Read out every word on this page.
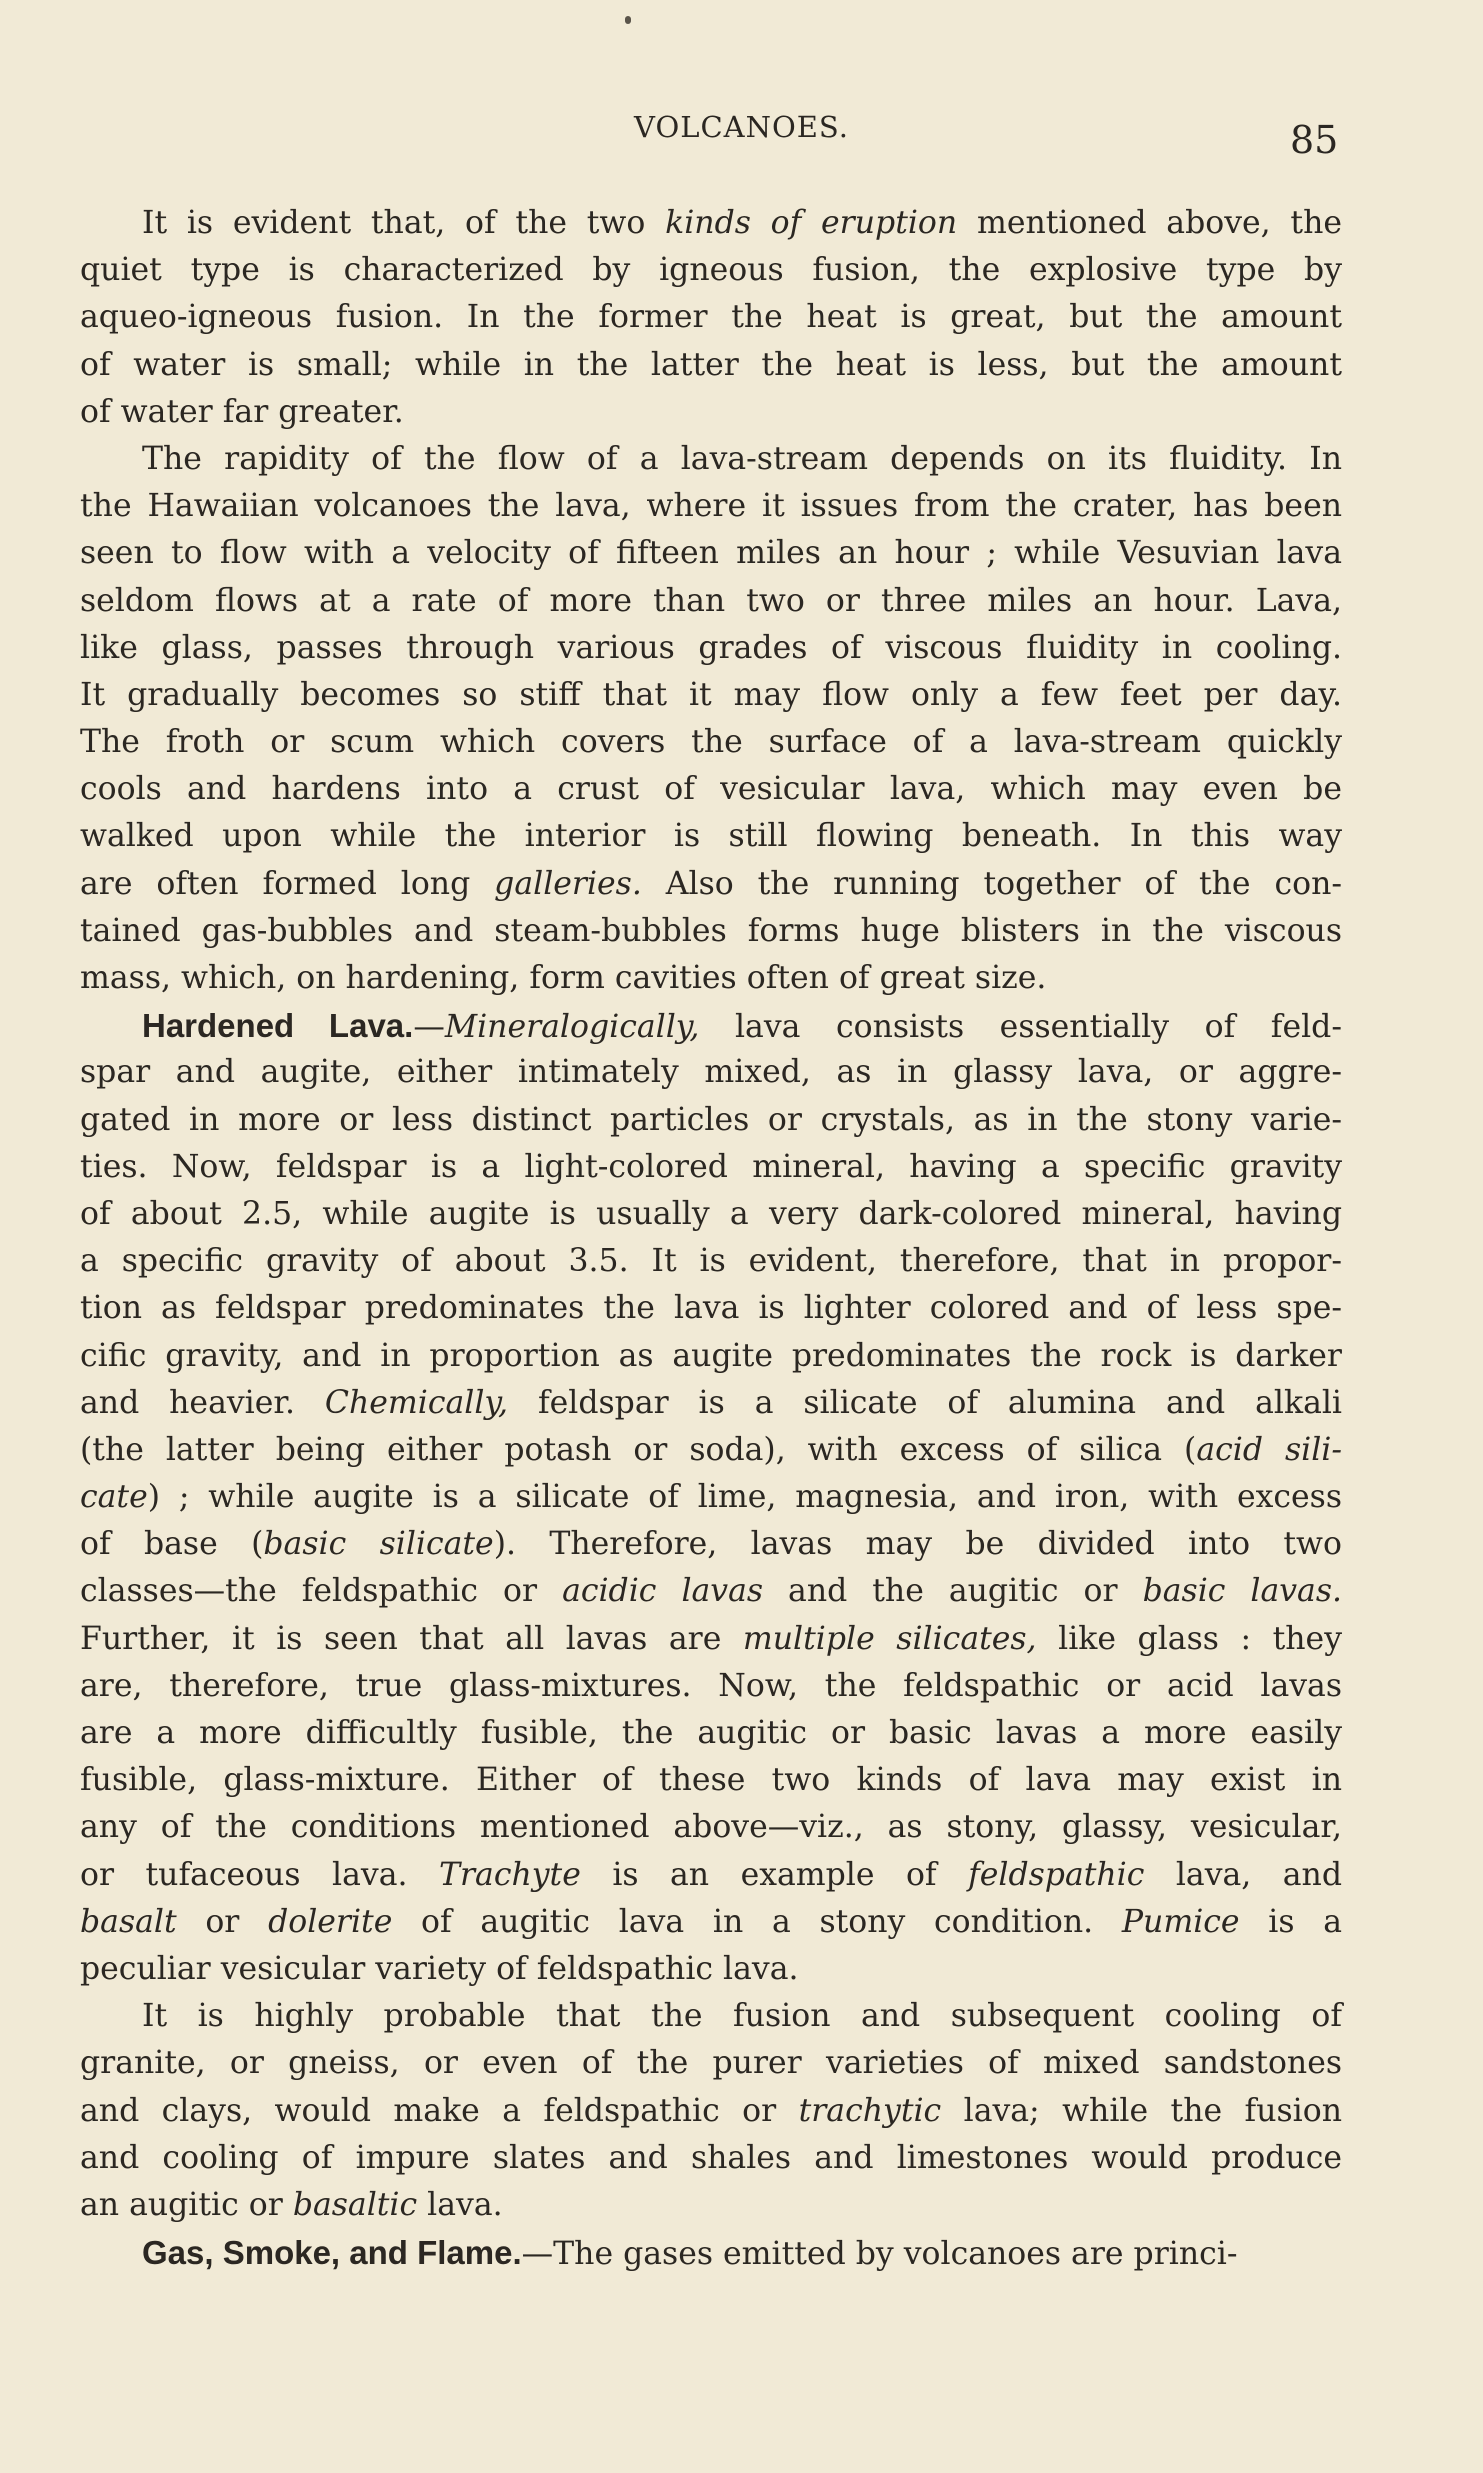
VOLCANOES.	85
It is evident that, of the two kinds of eruption mentioned above, the
quiet type is characterized by igneous fusion, the explosive type by
aqueo-igneous fusion. In the former the heat is great, but the amount
of water is small; while in the latter the heat is less, but the amount
of water far greater.
The rapidity of the flow of a lava-stream depends on its fluidity. In
the Hawaiian volcanoes the lava, where it issues from the crater, has been
seen to flow with a velocity of fifteen miles an hour ; while Vesuvian lava
seldom flows at a rate of more than two or three miles an hour. Lava,
like glass, passes through various grades of viscous fluidity in cooling.
It gradually becomes so stiff that it may flow only a few feet per day.
The froth or scum which covers the surface of a lava-stream quickly
cools and hardens into a crust of vesicular lava, which may even be
walked upon while the interior is still flowing beneath. In this way
are often formed long galleries. Also the running together of the con-
tained gas-bubbles and steam-bubbles forms huge blisters in the viscous
mass, which, on hardening, form cavities often of great size.
Hardened Lava.—Mineralogically, lava consists essentially of feld-
spar and augite, either intimately mixed, as in glassy lava, or aggre-
gated in more or less distinct particles or crystals, as in the stony varie-
ties. Now, feldspar is a light-colored mineral, having a specific gravity
of about 2.5, while augite is usually a very dark-colored mineral, having
a specific gravity of about 3.5. It is evident, therefore, that in propor-
tion as feldspar predominates the lava is lighter colored and of less spe-
cific gravity, and in proportion as augite predominates the rock is darker
and heavier. Chemically, feldspar is a silicate of alumina and alkali
(the latter being either potash or soda), with excess of silica (acid sili-
cate) ; while augite is a silicate of lime, magnesia, and iron, with excess
of base (basic silicate). Therefore, lavas may be divided into two
classes—the feldspathic or acidic lavas and the augitic or basic lavas.
Further, it is seen that all lavas are multiple silicates, like glass : they
are, therefore, true glass-mixtures. Now, the feldspathic or acid lavas
are a more difficultly fusible, the augitic or basic lavas a more easily
fusible, glass-mixture. Either of these two kinds of lava may exist in
any of the conditions mentioned above—viz., as stony, glassy, vesicular,
or tufaceous lava. Trachyte is an example of feldspathic lava, and
basalt or dolerite of augitic lava in a stony condition. Pumice is a
peculiar vesicular variety of feldspathic lava.
It is highly probable that the fusion and subsequent cooling of
granite, or gneiss, or even of the purer varieties of mixed sandstones
and clays, would make a feldspathic or trachytic lava; while the fusion
and cooling of impure slates and shales and limestones would produce
an augitic or basaltic lava.
Gas, Smoke, and Flame.—The gases emitted by volcanoes are princi-
